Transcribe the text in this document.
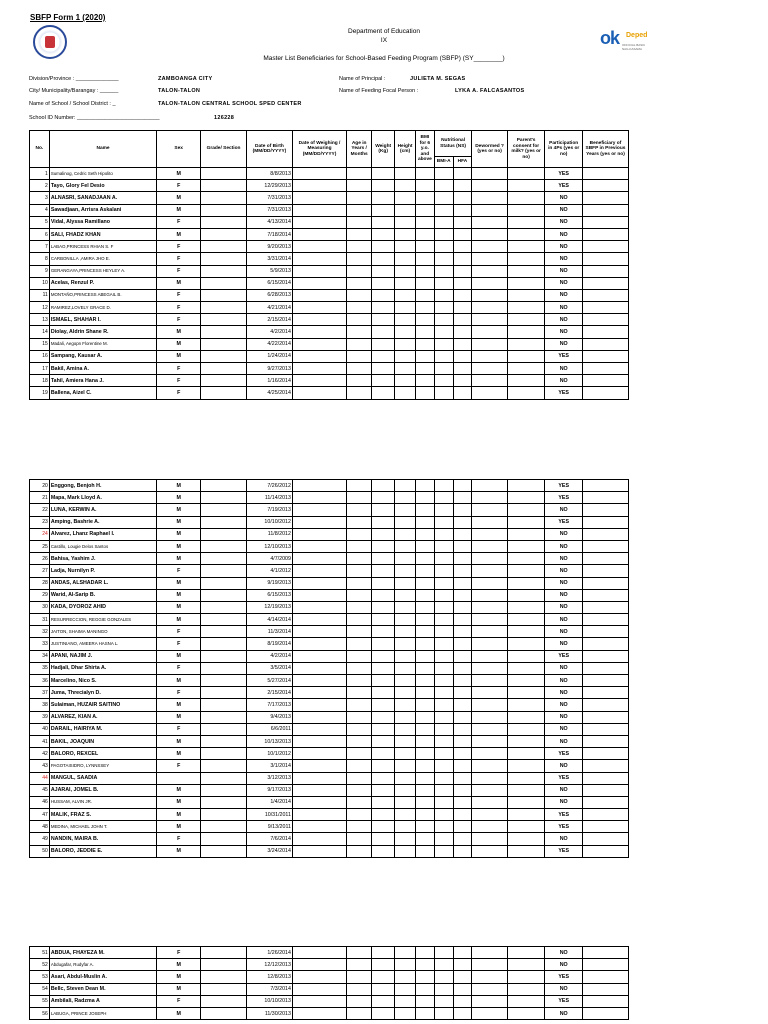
SBFP Form 1 (2020)
Department of Education
IX
Master List Beneficiaries for School-Based Feeding Program (SBFP) (SY________)
ok Deped
OFFICIAL BASIC NAG-KASAMA
Division/Province : ______________	ZAMBOANGA CITY
City/ Municipality/Barangay : ______	TALON-TALON
Name of School / School District : _	TALON-TALON CENTRAL SCHOOL SPED CENTER
School ID Number: ___________________________	126228
Name of Principal :	JULIETA M. SEGAS
Name of Feeding Focal Person :	LYKA A. FALCASANTOS
No.	Name	Sex	Grade/ Section	Date of Birth (MM/DD/YYYY)	Date of Weighing / Measuring (MM/DD/YYYY)	Age in Years / Months	Weight (Kg)	Height (cm)	BMI for 6 y.o. and above	Nutritional Status (NS)		Dewormed ? (yes or no)	Parent's consent for milk? (yes or no)	Participation in 4Ps (yes or no)	Beneficiary of SBFP in Previous Years (yes or no)
										BMI-A	HFA				
1	Sumalinog, Cedric Seth Hipolito	M		8/8/2013										YES	
2	Tayo, Glory Fel Desio	F		12/29/2013										YES	
3	ALNASRI, SANADJAAN A.	M		7/31/2013										NO	
4	Sawadjaan, Arrisra Askalani	M		7/31/2013										NO	
5	Vidal, Alyssa Ramillano	F		4/13/2014										NO	
6	SALI, FHADZ KHAN	M		7/18/2014										NO	
7	LABAO,PRINCESS RHIAN S. F	F		9/20/2013										NO	
8	CARBONILLA ,AMIRA JHO E.	F		3/31/2014										NO	
9	GERANGAYA,PRINCESS HEYLEY A.	F		5/9/2013										NO	
10	Acelas, Renzul P.	M		6/15/2014										NO	
11	MONTAÑO,PRINCESS ABEGAIL B.	F		6/28/2013										NO	
12	RAMIREZ,LOVELY GRACE D.	F		4/21/2014										NO	
13	ISMAEL, SHAHAR I.	F		2/15/2014										NO	
14	Diolay, Aldrin Shane R.	M		4/2/2014										NO	
15	Madali, Aegopn Florentine M.	M		4/22/2014										NO	
16	Sampang, Kausar A.	M		1/24/2014										YES	
17	Bakil, Amina A.	F		9/27/2013										NO	
18	Tahil, Amiera Hana J.	F		1/16/2014										NO	
19	Ballena, Aizel C.	F		4/25/2014										YES	
20	Enggong, Benjoh H.	M		7/26/2012										YES	
21	Mapa, Mark Lloyd A.	M		11/14/2013										YES	
22	LUNA, KERWIN A.	M		7/19/2013										NO	
23	Amping, Bashrie A.	M		10/10/2012										YES	
24	Alvarez, Lhanz Raphael I.	M		11/8/2012										NO	
25	Castillo, Lougie Delos Santos	M		12/10/2013										NO	
26	Bahisa, Yashim J.	M		4/7/2009										NO	
27	Ladja, Nurnilyn P.	F		4/1/2012										NO	
28	ANDAS, ALSHADAR L.	M		9/19/2013										NO	
29	Warid, Al-Sarip B.	M		6/15/2013										NO	
30	KADA, DYOROZ AHID	M		12/19/2013										NO	
31	RESURRECCION, REGGIE GONZALES	M		4/14/2014										NO	
32	JAITON, SHAIMA MANINGO	F		11/3/2014										NO	
33	JUSTINIANO, AMEERA HASNA L.	F		8/19/2014										NO	
34	APANI, NAJIM J.	M		4/2/2014										YES	
35	Hadjali, Dhar Shirta A.	F		3/5/2014										NO	
36	Marcelino, Nico S.	M		5/27/2014										NO	
37	Juma, Threcialyn D.	F		2/15/2014										NO	
38	Sulaiman, HUZAIR SAITINO	M		7/17/2013										NO	
39	ALVAREZ, KIAN A.	M		9/4/2013										NO	
40	DARAIL, HAIRIYA M.	F		6/6/2011										NO	
41	BAKIL, JOAQUIN	M		10/13/2013										NO	
42	BALORO, REXCEL	M		10/1/2012										YES	
43	PAGOTAISIDRO, LYNNSSEY	F		3/1/2014										NO	
44	MANGUL, SAADIA			3/12/2013										YES	
45	AJARAI, JOMEL B.	M		9/17/2013										NO	
46	HUSSAM, ALVIN JR.	M		1/4/2014										NO	
47	MALIK, FRAZ S.	M		10/31/2011										YES	
48	MEDINA, MICHAEL JOHN T.	M		9/13/2011										YES	
49	NANDIN, MAIRA B.	F		7/6/2014										NO	
50	BALORO, JEDDIE E.	M		3/24/2014										YES	
51	ABDUA, FHAYEZA M.	F		1/26/2014										NO	
52	Abdugafar, Rudyfar A.	M		12/12/2013										NO	
53	Asari, Abdul-Muslin A.	M		12/8/2013										YES	
54	Bellc, Steven Dean M.	M		7/3/2014										NO	
55	Ambilali, Radzma A	F		10/10/2013										YES	
56	LABUGA, PRINCE JOSEPH	M		11/30/2013										NO	
